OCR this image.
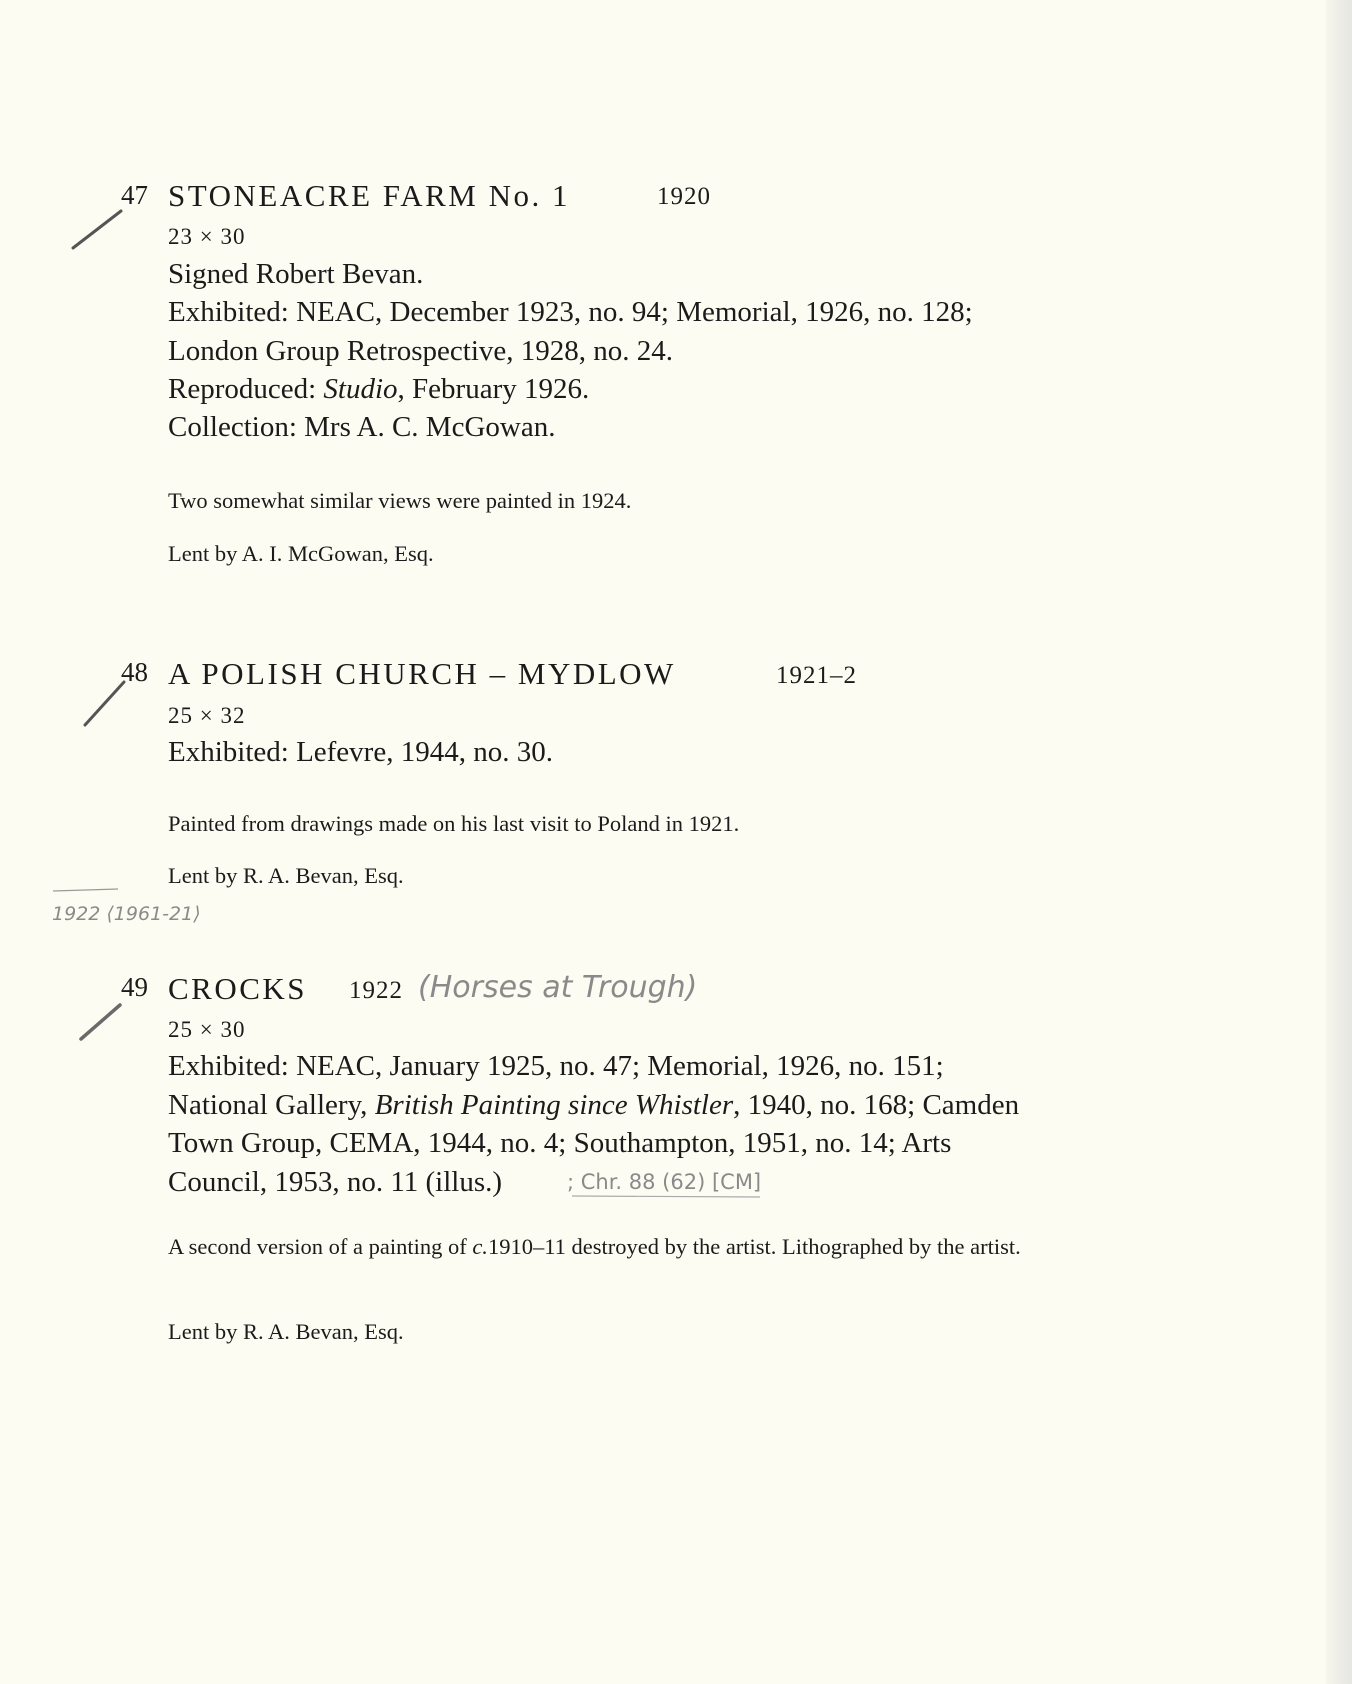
47 STONEACRE FARM No. 1	1920
23 × 30
Signed Robert Bevan.
Exhibited: NEAC, December 1923, no. 94; Memorial, 1926, no. 128;
London Group Retrospective, 1928, no. 24.
Reproduced: Studio, February 1926.
Collection: Mrs A. C. McGowan.
Two somewhat similar views were painted in 1924.
Lent by A. I. McGowan, Esq.
48 A POLISH CHURCH – MYDLOW	1921–2
25 × 32
Exhibited: Lefevre, 1944, no. 30.
Painted from drawings made on his last visit to Poland in 1921.
Lent by R. A. Bevan, Esq.
1922 ⟨1961-21⟩
49 CROCKS 1922 (Horses at Trough)
25 × 30
Exhibited: NEAC, January 1925, no. 47; Memorial, 1926, no. 151;
National Gallery, British Painting since Whistler, 1940, no. 168; Camden
Town Group, CEMA, 1944, no. 4; Southampton, 1951, no. 14; Arts
Council, 1953, no. 11 (illus.)	; Chr. 88 (62) [CM]
A second version of a painting of c.1910–11 destroyed by the artist. Lithographed by the artist.
Lent by R. A. Bevan, Esq.
